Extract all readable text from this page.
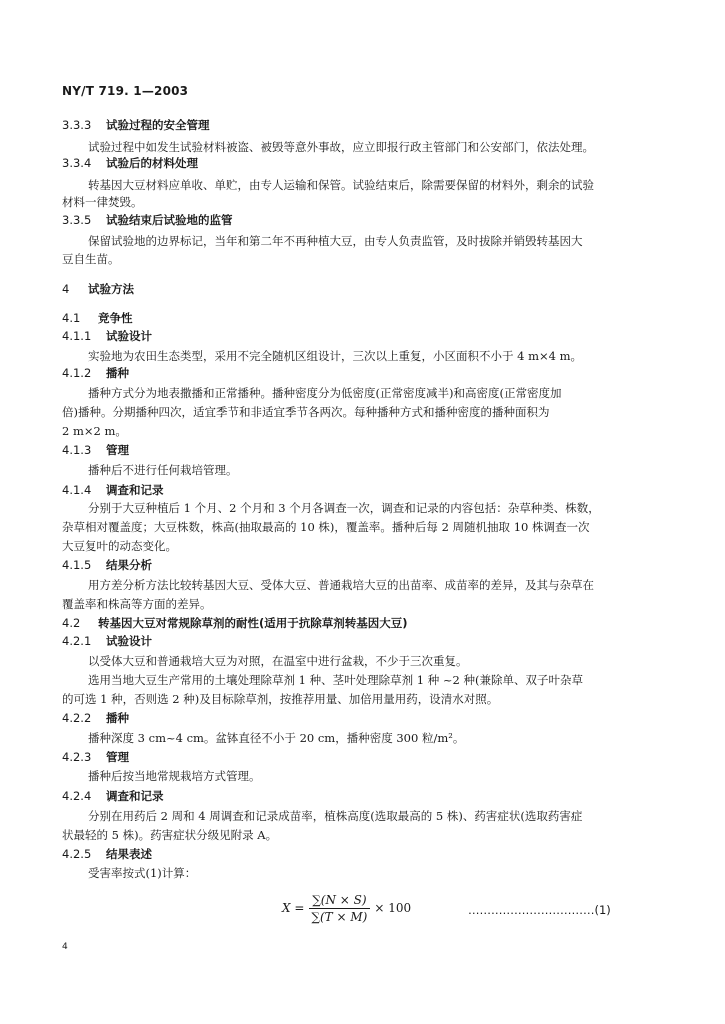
NY/T 719. 1—2003
3.3.3 试验过程的安全管理
试验过程中如发生试验材料被盗、被毁等意外事故，应立即报行政主管部门和公安部门，依法处理。
3.3.4 试验后的材料处理
转基因大豆材料应单收、单贮，由专人运输和保管。试验结束后，除需要保留的材料外，剩余的试验
材料一律焚毁。
3.3.5 试验结束后试验地的监管
保留试验地的边界标记，当年和第二年不再种植大豆，由专人负责监管，及时拔除并销毁转基因大
豆自生苗。
4 试验方法
4.1 竞争性
4.1.1 试验设计
实验地为农田生态类型，采用不完全随机区组设计，三次以上重复，小区面积不小于 4 m×4 m。
4.1.2 播种
播种方式分为地表撒播和正常播种。播种密度分为低密度(正常密度减半)和高密度(正常密度加
倍)播种。分期播种四次，适宜季节和非适宜季节各两次。每种播种方式和播种密度的播种面积为
2 m×2 m。
4.1.3 管理
播种后不进行任何栽培管理。
4.1.4 调查和记录
分别于大豆种植后 1 个月、2 个月和 3 个月各调查一次，调查和记录的内容包括：杂草种类、株数，
杂草相对覆盖度；大豆株数，株高(抽取最高的 10 株)，覆盖率。播种后每 2 周随机抽取 10 株调查一次
大豆复叶的动态变化。
4.1.5 结果分析
用方差分析方法比较转基因大豆、受体大豆、普通栽培大豆的出苗率、成苗率的差异，及其与杂草在
覆盖率和株高等方面的差异。
4.2 转基因大豆对常规除草剂的耐性(适用于抗除草剂转基因大豆)
4.2.1 试验设计
以受体大豆和普通栽培大豆为对照，在温室中进行盆栽，不少于三次重复。
选用当地大豆生产常用的土壤处理除草剂 1 种、茎叶处理除草剂 1 种 ~2 种(兼除单、双子叶杂草
的可选 1 种，否则选 2 种)及目标除草剂，按推荐用量、加倍用量用药，设清水对照。
4.2.2 播种
播种深度 3 cm~4 cm。盆钵直径不小于 20 cm，播种密度 300 粒/m²。
4.2.3 管理
播种后按当地常规栽培方式管理。
4.2.4 调查和记录
分别在用药后 2 周和 4 周调查和记录成苗率，植株高度(选取最高的 5 株)、药害症状(选取药害症
状最轻的 5 株)。药害症状分级见附录 A。
4.2.5 结果表述
受害率按式(1)计算：
$X = \frac{\sum(N \times S)}{\sum(T \times M)} \times 100$	……………………………(1)
4
